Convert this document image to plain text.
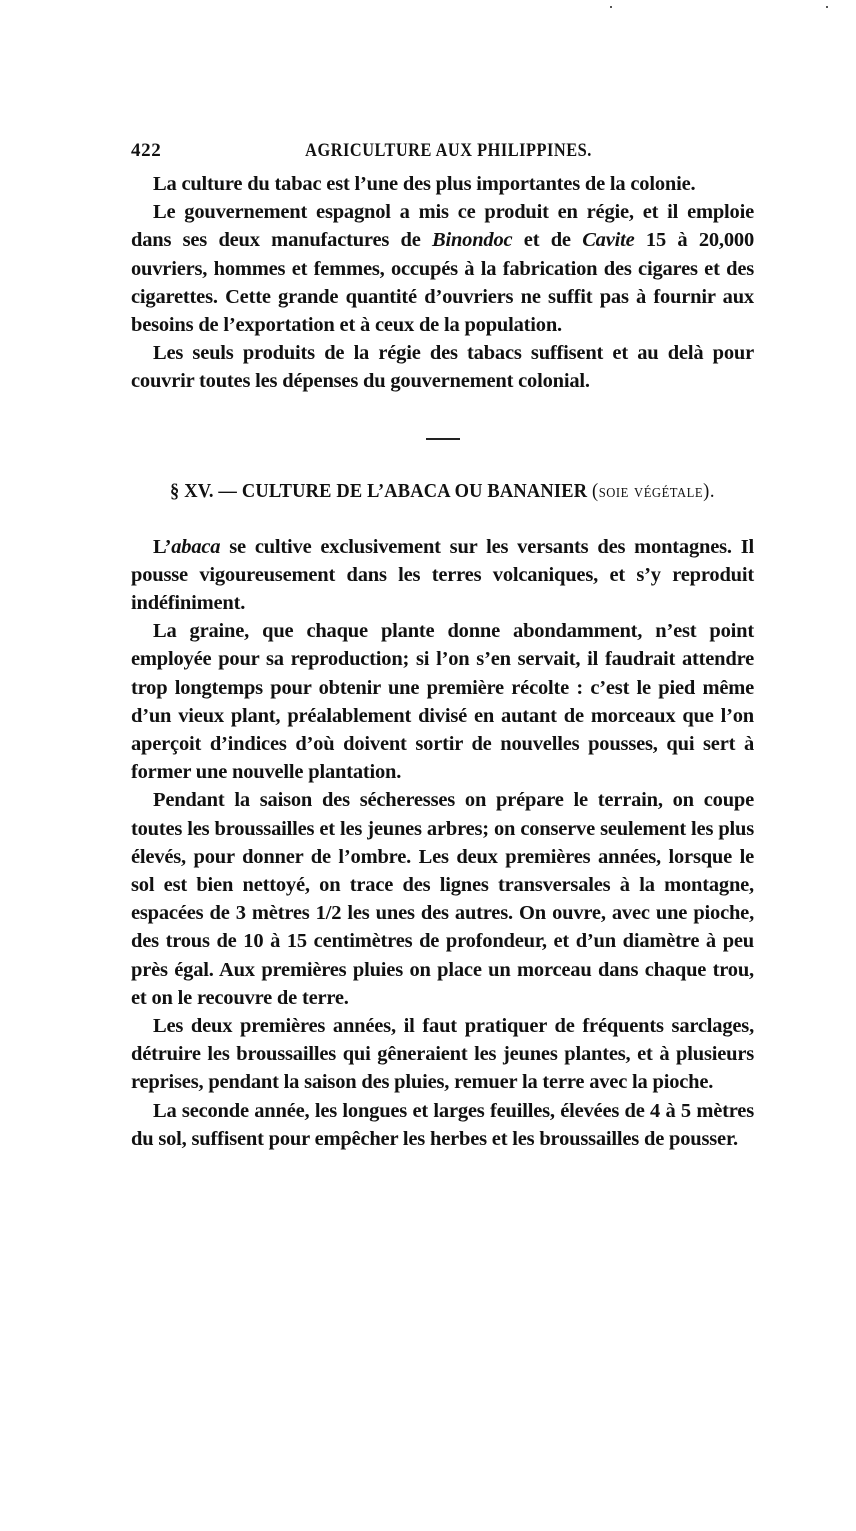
422	AGRICULTURE AUX PHILIPPINES.

La culture du tabac est l’une des plus importantes de la colonie.

Le gouvernement espagnol a mis ce produit en régie, et il emploie dans ses deux manufactures de Binondoc et de Cavite 15 à 20,000 ouvriers, hommes et femmes, occupés à la fabrication des cigares et des cigarettes. Cette grande quantité d’ouvriers ne suffit pas à fournir aux besoins de l’exportation et à ceux de la population.

Les seuls produits de la régie des tabacs suffisent et au delà pour couvrir toutes les dépenses du gouvernement colonial.

§ XV. — CULTURE DE L’ABACA OU BANANIER (soie végétale).

L’abaca se cultive exclusivement sur les versants des montagnes. Il pousse vigoureusement dans les terres volcaniques, et s’y reproduit indéfiniment.

La graine, que chaque plante donne abondamment, n’est point employée pour sa reproduction; si l’on s’en servait, il faudrait attendre trop longtemps pour obtenir une première récolte : c’est le pied même d’un vieux plant, préalablement divisé en autant de morceaux que l’on aperçoit d’indices d’où doivent sortir de nouvelles pousses, qui sert à former une nouvelle plantation.

Pendant la saison des sécheresses on prépare le terrain, on coupe toutes les broussailles et les jeunes arbres; on conserve seulement les plus élevés, pour donner de l’ombre. Les deux premières années, lorsque le sol est bien nettoyé, on trace des lignes transversales à la montagne, espacées de 3 mètres 1/2 les unes des autres. On ouvre, avec une pioche, des trous de 10 à 15 centimètres de profondeur, et d’un diamètre à peu près égal. Aux premières pluies on place un morceau dans chaque trou, et on le recouvre de terre.

Les deux premières années, il faut pratiquer de fréquents sarclages, détruire les broussailles qui gêneraient les jeunes plantes, et à plusieurs reprises, pendant la saison des pluies, remuer la terre avec la pioche.

La seconde année, les longues et larges feuilles, élevées de 4 à 5 mètres du sol, suffisent pour empêcher les herbes et les broussailles de pousser.
